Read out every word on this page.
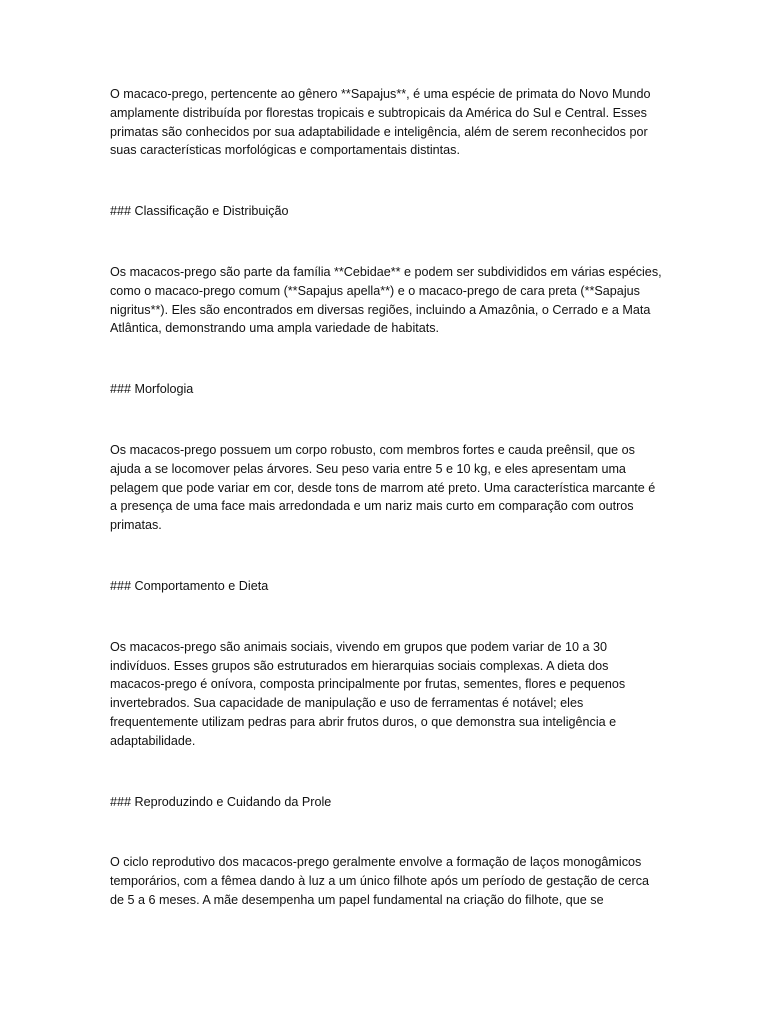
O macaco-prego, pertencente ao gênero **Sapajus**, é uma espécie de primata do Novo Mundo amplamente distribuída por florestas tropicais e subtropicais da América do Sul e Central. Esses primatas são conhecidos por sua adaptabilidade e inteligência, além de serem reconhecidos por suas características morfológicas e comportamentais distintas.

### Classificação e Distribuição

Os macacos-prego são parte da família **Cebidae** e podem ser subdivididos em várias espécies, como o macaco-prego comum (**Sapajus apella**) e o macaco-prego de cara preta (**Sapajus nigritus**). Eles são encontrados em diversas regiões, incluindo a Amazônia, o Cerrado e a Mata Atlântica, demonstrando uma ampla variedade de habitats.

### Morfologia

Os macacos-prego possuem um corpo robusto, com membros fortes e cauda preênsil, que os ajuda a se locomover pelas árvores. Seu peso varia entre 5 e 10 kg, e eles apresentam uma pelagem que pode variar em cor, desde tons de marrom até preto. Uma característica marcante é a presença de uma face mais arredondada e um nariz mais curto em comparação com outros primatas.

### Comportamento e Dieta

Os macacos-prego são animais sociais, vivendo em grupos que podem variar de 10 a 30 indivíduos. Esses grupos são estruturados em hierarquias sociais complexas. A dieta dos macacos-prego é onívora, composta principalmente por frutas, sementes, flores e pequenos invertebrados. Sua capacidade de manipulação e uso de ferramentas é notável; eles frequentemente utilizam pedras para abrir frutos duros, o que demonstra sua inteligência e adaptabilidade.

### Reproduzindo e Cuidando da Prole

O ciclo reprodutivo dos macacos-prego geralmente envolve a formação de laços monogâmicos temporários, com a fêmea dando à luz a um único filhote após um período de gestação de cerca de 5 a 6 meses. A mãe desempenha um papel fundamental na criação do filhote, que se
